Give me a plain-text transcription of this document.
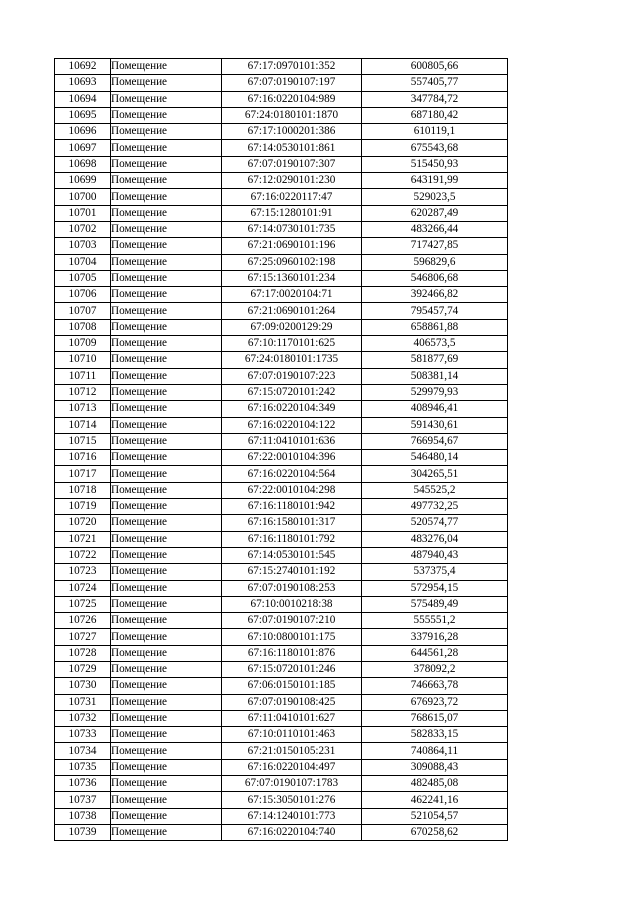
10692	Помещение	67:17:0970101:352	600805,66
10693	Помещение	67:07:0190107:197	557405,77
10694	Помещение	67:16:0220104:989	347784,72
10695	Помещение	67:24:0180101:1870	687180,42
10696	Помещение	67:17:1000201:386	610119,1
10697	Помещение	67:14:0530101:861	675543,68
10698	Помещение	67:07:0190107:307	515450,93
10699	Помещение	67:12:0290101:230	643191,99
10700	Помещение	67:16:0220117:47	529023,5
10701	Помещение	67:15:1280101:91	620287,49
10702	Помещение	67:14:0730101:735	483266,44
10703	Помещение	67:21:0690101:196	717427,85
10704	Помещение	67:25:0960102:198	596829,6
10705	Помещение	67:15:1360101:234	546806,68
10706	Помещение	67:17:0020104:71	392466,82
10707	Помещение	67:21:0690101:264	795457,74
10708	Помещение	67:09:0200129:29	658861,88
10709	Помещение	67:10:1170101:625	406573,5
10710	Помещение	67:24:0180101:1735	581877,69
10711	Помещение	67:07:0190107:223	508381,14
10712	Помещение	67:15:0720101:242	529979,93
10713	Помещение	67:16:0220104:349	408946,41
10714	Помещение	67:16:0220104:122	591430,61
10715	Помещение	67:11:0410101:636	766954,67
10716	Помещение	67:22:0010104:396	546480,14
10717	Помещение	67:16:0220104:564	304265,51
10718	Помещение	67:22:0010104:298	545525,2
10719	Помещение	67:16:1180101:942	497732,25
10720	Помещение	67:16:1580101:317	520574,77
10721	Помещение	67:16:1180101:792	483276,04
10722	Помещение	67:14:0530101:545	487940,43
10723	Помещение	67:15:2740101:192	537375,4
10724	Помещение	67:07:0190108:253	572954,15
10725	Помещение	67:10:0010218:38	575489,49
10726	Помещение	67:07:0190107:210	555551,2
10727	Помещение	67:10:0800101:175	337916,28
10728	Помещение	67:16:1180101:876	644561,28
10729	Помещение	67:15:0720101:246	378092,2
10730	Помещение	67:06:0150101:185	746663,78
10731	Помещение	67:07:0190108:425	676923,72
10732	Помещение	67:11:0410101:627	768615,07
10733	Помещение	67:10:0110101:463	582833,15
10734	Помещение	67:21:0150105:231	740864,11
10735	Помещение	67:16:0220104:497	309088,43
10736	Помещение	67:07:0190107:1783	482485,08
10737	Помещение	67:15:3050101:276	462241,16
10738	Помещение	67:14:1240101:773	521054,57
10739	Помещение	67:16:0220104:740	670258,62
